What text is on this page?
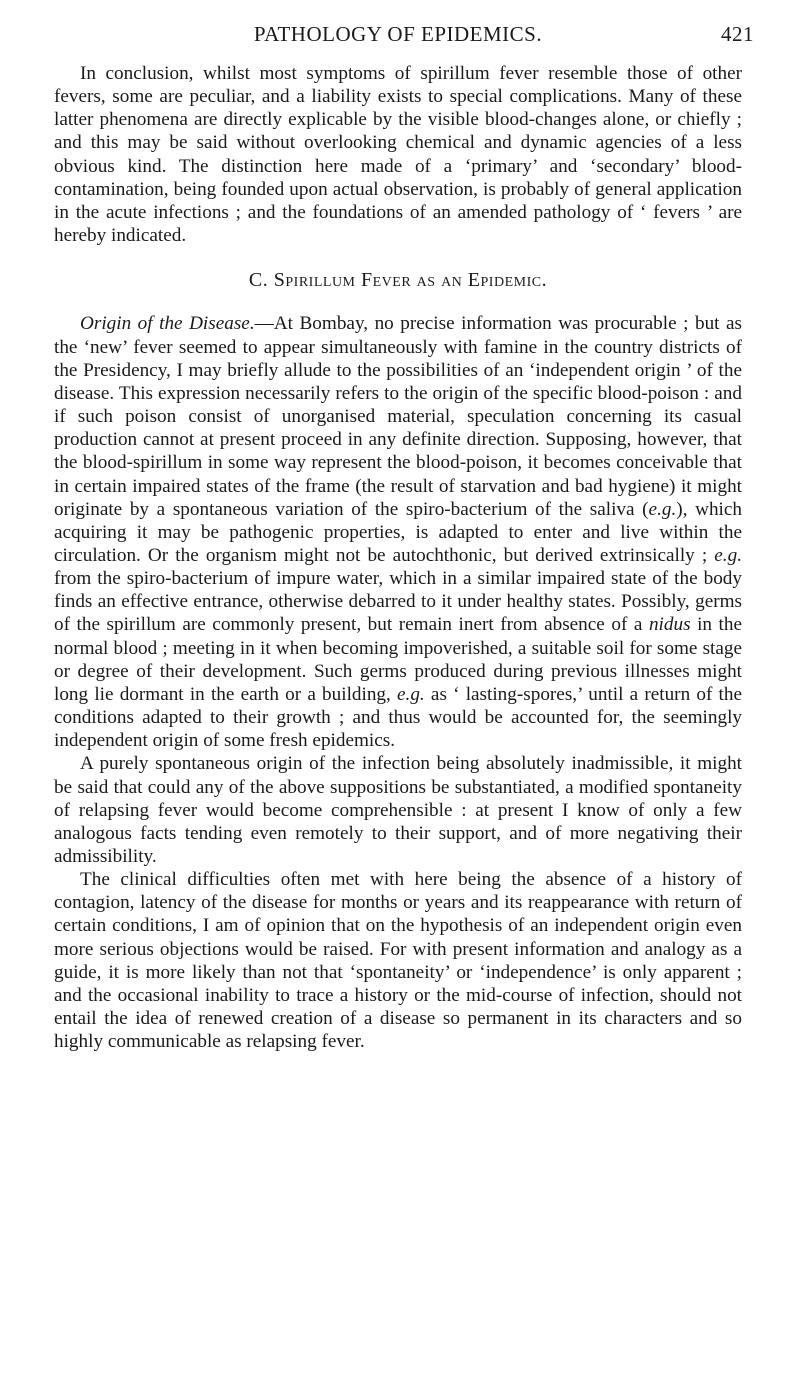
PATHOLOGY OF EPIDEMICS.	421

In conclusion, whilst most symptoms of spirillum fever resemble those of other fevers, some are peculiar, and a liability exists to special complications. Many of these latter phenomena are directly explicable by the visible blood-changes alone, or chiefly ; and this may be said without overlooking chemical and dynamic agencies of a less obvious kind. The distinction here made of a ‘primary’ and ‘secondary’ blood-contamination, being founded upon actual observation, is probably of general application in the acute infections ; and the foundations of an amended pathology of ‘ fevers ’ are hereby indicated.

C. Spirillum Fever as an Epidemic.

Origin of the Disease.—At Bombay, no precise information was procurable ; but as the ‘new’ fever seemed to appear simultaneously with famine in the country districts of the Presidency, I may briefly allude to the possibilities of an ‘independent origin ’ of the disease. This expression necessarily refers to the origin of the specific blood-poison : and if such poison consist of unorganised material, speculation concerning its casual production cannot at present proceed in any definite direction. Supposing, however, that the blood-spirillum in some way represent the blood-poison, it becomes conceivable that in certain impaired states of the frame (the result of starvation and bad hygiene) it might originate by a spontaneous variation of the spiro-bacterium of the saliva (e.g.), which acquiring it may be pathogenic properties, is adapted to enter and live within the circulation. Or the organism might not be autochthonic, but derived extrinsically ; e.g. from the spiro-bacterium of impure water, which in a similar impaired state of the body finds an effective entrance, otherwise debarred to it under healthy states. Possibly, germs of the spirillum are commonly present, but remain inert from absence of a nidus in the normal blood ; meeting in it when becoming impoverished, a suitable soil for some stage or degree of their development. Such germs produced during previous illnesses might long lie dormant in the earth or a building, e.g. as ‘ lasting-spores,’ until a return of the conditions adapted to their growth ; and thus would be accounted for, the seemingly independent origin of some fresh epidemics.

A purely spontaneous origin of the infection being absolutely inadmissible, it might be said that could any of the above suppositions be substantiated, a modified spontaneity of relapsing fever would become comprehensible : at present I know of only a few analogous facts tending even remotely to their support, and of more negativing their admissibility.

The clinical difficulties often met with here being the absence of a history of contagion, latency of the disease for months or years and its reappearance with return of certain conditions, I am of opinion that on the hypothesis of an independent origin even more serious objections would be raised. For with present information and analogy as a guide, it is more likely than not that ‘spontaneity’ or ‘independence’ is only apparent ; and the occasional inability to trace a history or the mid-course of infection, should not entail the idea of renewed creation of a disease so permanent in its characters and so highly communicable as relapsing fever.
